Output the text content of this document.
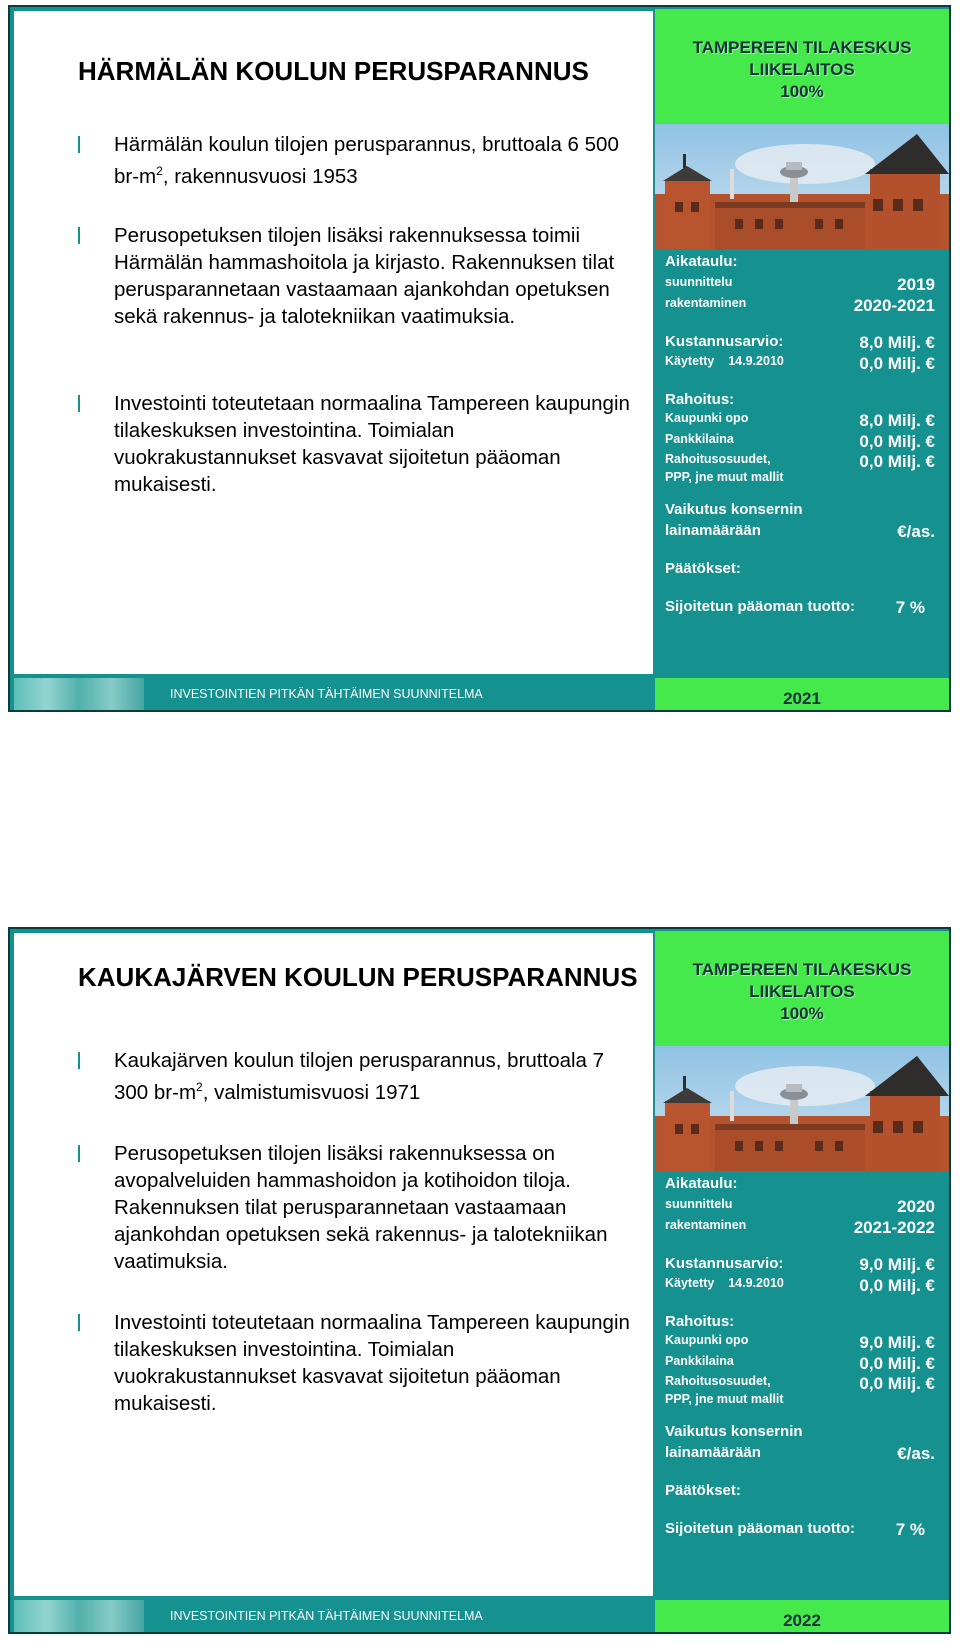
HÄRMÄLÄN KOULUN PERUSPARANNUS
Härmälän koulun tilojen perusparannus, bruttoala 6 500 $br-m^2$, rakennusvuosi 1953
Perusopetuksen tilojen lisäksi rakennuksessa toimii Härmälän hammashoitola ja kirjasto. Rakennuksen tilat perusparannetaan vastaamaan ajankohdan opetuksen sekä rakennus- ja talotekniikan vaatimuksia.
Investointi toteutetaan normaalina Tampereen kaupungin tilakeskuksen investointina. Toimialan vuokrakustannukset kasvavat sijoitetun pääoman mukaisesti.
TAMPEREEN TILAKESKUS
LIIKELAITOS
100%
Aikataulu:
suunnittelu	2019
rakentaminen	2020-2021
Kustannusarvio:	8,0 Milj. €
Käytetty 14.9.2010	0,0 Milj. €
Rahoitus:
Kaupunki opo	8,0 Milj. €
Pankkilaina	0,0 Milj. €
Rahoitusosuudet,	0,0 Milj. €
PPP, jne muut mallit
Vaikutus konsernin
lainamäärään	€/as.
Päätökset:
Sijoitetun pääoman tuotto: 7 %
INVESTOINTIEN PITKÄN TÄHTÄIMEN SUUNNITELMA	2021
KAUKAJÄRVEN KOULUN PERUSPARANNUS
Kaukajärven koulun tilojen perusparannus, bruttoala 7 300 $br-m^2$, valmistumisvuosi 1971
Perusopetuksen tilojen lisäksi rakennuksessa on avopalveluiden hammashoidon ja kotihoidon tiloja. Rakennuksen tilat perusparannetaan vastaamaan ajankohdan opetuksen sekä rakennus- ja talotekniikan vaatimuksia.
Investointi toteutetaan normaalina Tampereen kaupungin tilakeskuksen investointina. Toimialan vuokrakustannukset kasvavat sijoitetun pääoman mukaisesti.
TAMPEREEN TILAKESKUS
LIIKELAITOS
100%
Aikataulu:
suunnittelu	2020
rakentaminen	2021-2022
Kustannusarvio:	9,0 Milj. €
Käytetty 14.9.2010	0,0 Milj. €
Rahoitus:
Kaupunki opo	9,0 Milj. €
Pankkilaina	0,0 Milj. €
Rahoitusosuudet,	0,0 Milj. €
PPP, jne muut mallit
Vaikutus konsernin
lainamäärään	€/as.
Päätökset:
Sijoitetun pääoman tuotto: 7 %
INVESTOINTIEN PITKÄN TÄHTÄIMEN SUUNNITELMA	2022
